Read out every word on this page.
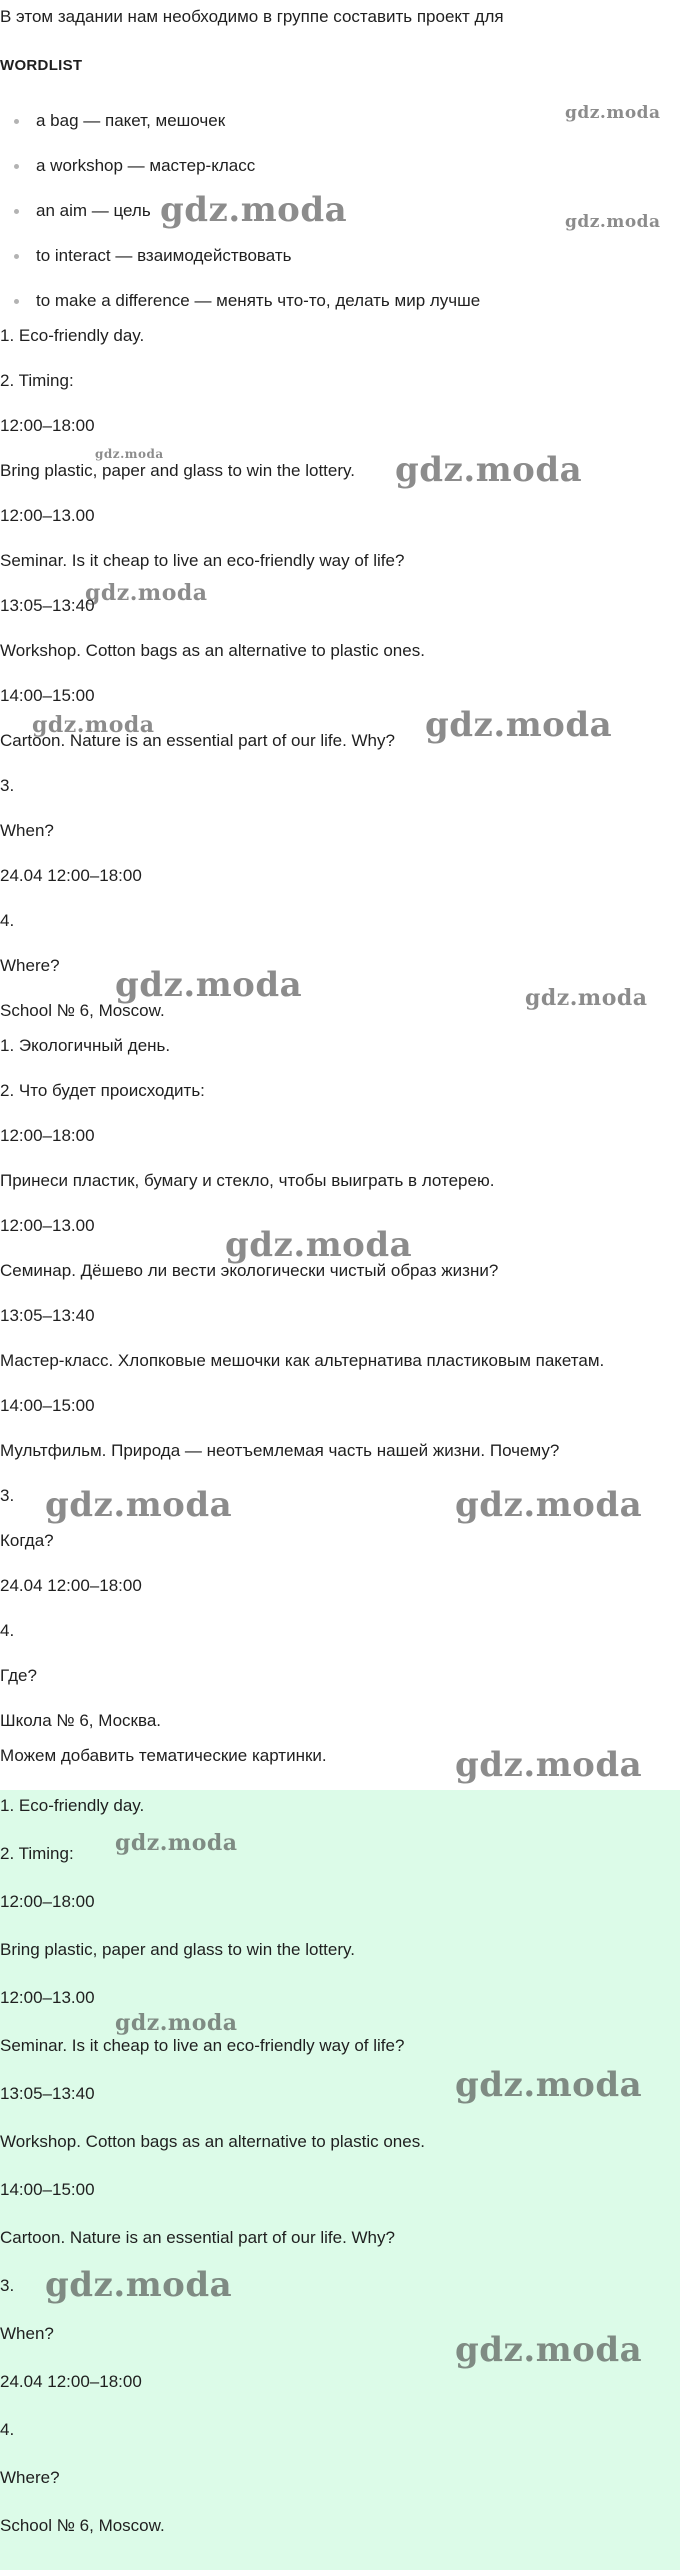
В этом задании нам необходимо в группе составить проект для
WORDLIST
a bag — пакет, мешочек
a workshop — мастер-класс
an aim — цель
to interact — взаимодействовать
to make a difference — менять что-то, делать мир лучше
1. Eco-friendly day.
2. Timing:
12:00–18:00
Bring plastic, paper and glass to win the lottery.
12:00–13.00
Seminar. Is it cheap to live an eco-friendly way of life?
13:05–13:40
Workshop. Cotton bags as an alternative to plastic ones.
14:00–15:00
Cartoon. Nature is an essential part of our life. Why?
3.
When?
24.04 12:00–18:00
4.
Where?
School № 6, Moscow.
1. Экологичный день.
2. Что будет происходить:
12:00–18:00
Принеси пластик, бумагу и стекло, чтобы выиграть в лотерею.
12:00–13.00
Семинар. Дёшево ли вести экологически чистый образ жизни?
13:05–13:40
Мастер-класс. Хлопковые мешочки как альтернатива пластиковым пакетам.
14:00–15:00
Мультфильм. Природа — неотъемлемая часть нашей жизни. Почему?
3.
Когда?
24.04 12:00–18:00
4.
Где?
Школа № 6, Москва.
Можем добавить тематические картинки.
1. Eco-friendly day.
2. Timing:
12:00–18:00
Bring plastic, paper and glass to win the lottery.
12:00–13.00
Seminar. Is it cheap to live an eco-friendly way of life?
13:05–13:40
Workshop. Cotton bags as an alternative to plastic ones.
14:00–15:00
Cartoon. Nature is an essential part of our life. Why?
3.
When?
24.04 12:00–18:00
4.
Where?
School № 6, Moscow.
gdz.moda
gdz.moda
gdz.moda
gdz.moda	gdz.moda
gdz.moda
gdz.moda	gdz.moda
gdz.moda	gdz.moda
gdz.moda
gdz.moda	gdz.moda
gdz.moda
gdz.moda
gdz.moda
gdz.moda
gdz.moda
gdz.moda
